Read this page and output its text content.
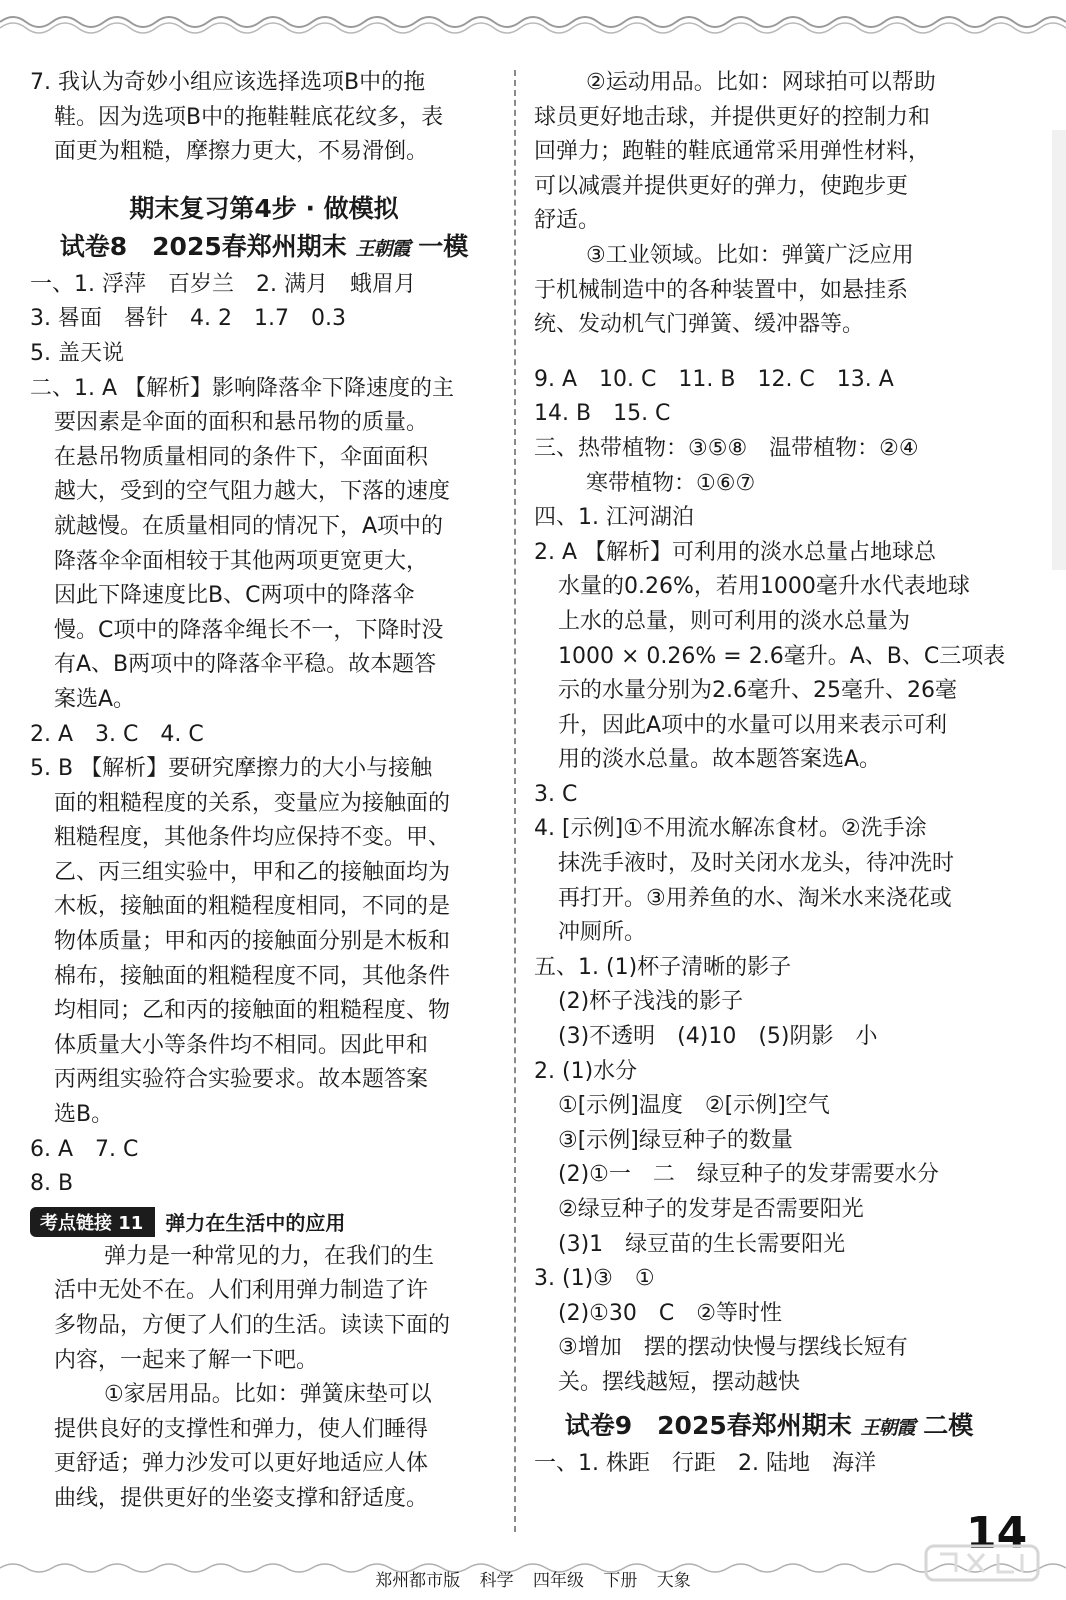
7. 我认为奇妙小组应该选择选项B中的拖

鞋。因为选项B中的拖鞋鞋底花纹多，表

面更为粗糙，摩擦力更大，不易滑倒。

期末复习第4步 · 做模拟
试卷8　2025春郑州期末 王朝霞 一模

一、1. 浮萍　百岁兰　2. 满月　蛾眉月

3. 晷面　晷针　4. 2　1.7　0.3

5. 盖天说

二、1. A 【解析】影响降落伞下降速度的主

要因素是伞面的面积和悬吊物的质量。

在悬吊物质量相同的条件下，伞面面积

越大，受到的空气阻力越大，下落的速度

就越慢。在质量相同的情况下，A项中的

降落伞伞面相较于其他两项更宽更大，

因此下降速度比B、C两项中的降落伞

慢。C项中的降落伞绳长不一，下降时没

有A、B两项中的降落伞平稳。故本题答

案选A。

2. A　3. C　4. C

5. B 【解析】要研究摩擦力的大小与接触

面的粗糙程度的关系，变量应为接触面的

粗糙程度，其他条件均应保持不变。甲、

乙、丙三组实验中，甲和乙的接触面均为

木板，接触面的粗糙程度相同，不同的是

物体质量；甲和丙的接触面分别是木板和

棉布，接触面的粗糙程度不同，其他条件

均相同；乙和丙的接触面的粗糙程度、物

体质量大小等条件均不相同。因此甲和

丙两组实验符合实验要求。故本题答案

选B。

6. A　7. C

8. B

考点链接 11	弹力在生活中的应用

弹力是一种常见的力，在我们的生

活中无处不在。人们利用弹力制造了许

多物品，方便了人们的生活。读读下面的

内容，一起来了解一下吧。

①家居用品。比如：弹簧床垫可以

提供良好的支撑性和弹力，使人们睡得

更舒适；弹力沙发可以更好地适应人体

曲线，提供更好的坐姿支撑和舒适度。

②运动用品。比如：网球拍可以帮助

球员更好地击球，并提供更好的控制力和

回弹力；跑鞋的鞋底通常采用弹性材料，

可以减震并提供更好的弹力，使跑步更

舒适。

③工业领域。比如：弹簧广泛应用

于机械制造中的各种装置中，如悬挂系

统、发动机气门弹簧、缓冲器等。

9. A　10. C　11. B　12. C　13. A

14. B　15. C

三、热带植物：③⑤⑧　温带植物：②④

寒带植物：①⑥⑦

四、1. 江河湖泊

2. A 【解析】可利用的淡水总量占地球总

水量的0.26%，若用1000毫升水代表地球

上水的总量，则可利用的淡水总量为

1000 × 0.26% = 2.6毫升。A、B、C三项表

示的水量分别为2.6毫升、25毫升、26毫

升，因此A项中的水量可以用来表示可利

用的淡水总量。故本题答案选A。

3. C

4. [示例]①不用流水解冻食材。②洗手涂

抹洗手液时，及时关闭水龙头，待冲洗时

再打开。③用养鱼的水、淘米水来浇花或

冲厕所。

五、1. (1)杯子清晰的影子

(2)杯子浅浅的影子

(3)不透明　(4)10　(5)阴影　小

2. (1)水分

①[示例]温度　②[示例]空气

③[示例]绿豆种子的数量

(2)①一　二　绿豆种子的发芽需要水分

②绿豆种子的发芽是否需要阳光

(3)1　绿豆苗的生长需要阳光

3. (1)③　①

(2)①30　C　②等时性

③增加　摆的摆动快慢与摆线长短有

关。摆线越短，摆动越快

试卷9　2025春郑州期末 王朝霞 二模

一、1. 株距　行距　2. 陆地　海洋

14
郑州都市版 科学 四年级 下册 大象
